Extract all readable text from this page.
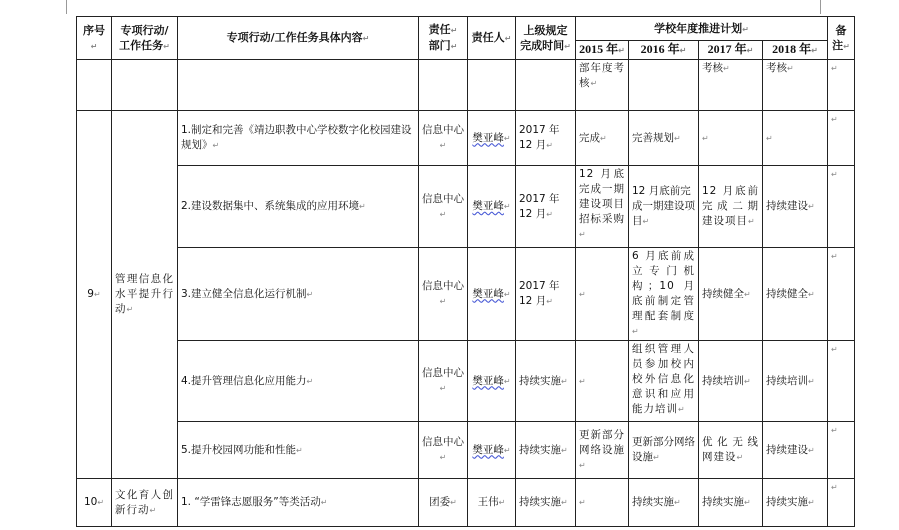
序号↵	专项行动/
工作任务↵	专项行动/工作任务具体内容↵	责任↵
部门↵	责任人↵	上级规定
完成时间↵	学校年度推进计划↵				备
注↵
						2015 年↵	2016 年↵	2017 年↵	2018 年↵	
						部年度考核↵		考核↵	考核↵	↵
9↵	管理信息化水平提升行动↵	1.制定和完善《靖边职教中心学校数字化校园建设规划》↵	信息中心↵	樊亚峰↵	2017 年 12 月↵	完成↵	完善规划↵	↵	↵	↵
		2.建设数据集中、系统集成的应用环境↵	信息中心↵	樊亚峰↵	2017 年 12 月↵	12 月底完成一期建设项目招标采购↵	12 月底前完成一期建设项目↵	12 月底前完成二期建设项目↵	持续建设↵	↵
		3.建立健全信息化运行机制↵	信息中心↵	樊亚峰↵	2017 年 12 月↵	↵	6 月底前成立专门机构；10 月底前制定管理配套制度↵	持续健全↵	持续健全↵	↵
		4.提升管理信息化应用能力↵	信息中心↵	樊亚峰↵	持续实施↵	↵	组织管理人员参加校内校外信息化意识和应用能力培训↵	持续培训↵	持续培训↵	↵
		5.提升校园网功能和性能↵	信息中心↵	樊亚峰↵	持续实施↵	更新部分网络设施↵	更新部分网络设施↵	优化无线网建设↵	持续建设↵	↵
10↵	文化育人创新行动↵	1. “学雷锋志愿服务”等类活动↵	团委↵	王伟↵	持续实施↵	↵	持续实施↵	持续实施↵	持续实施↵	↵
